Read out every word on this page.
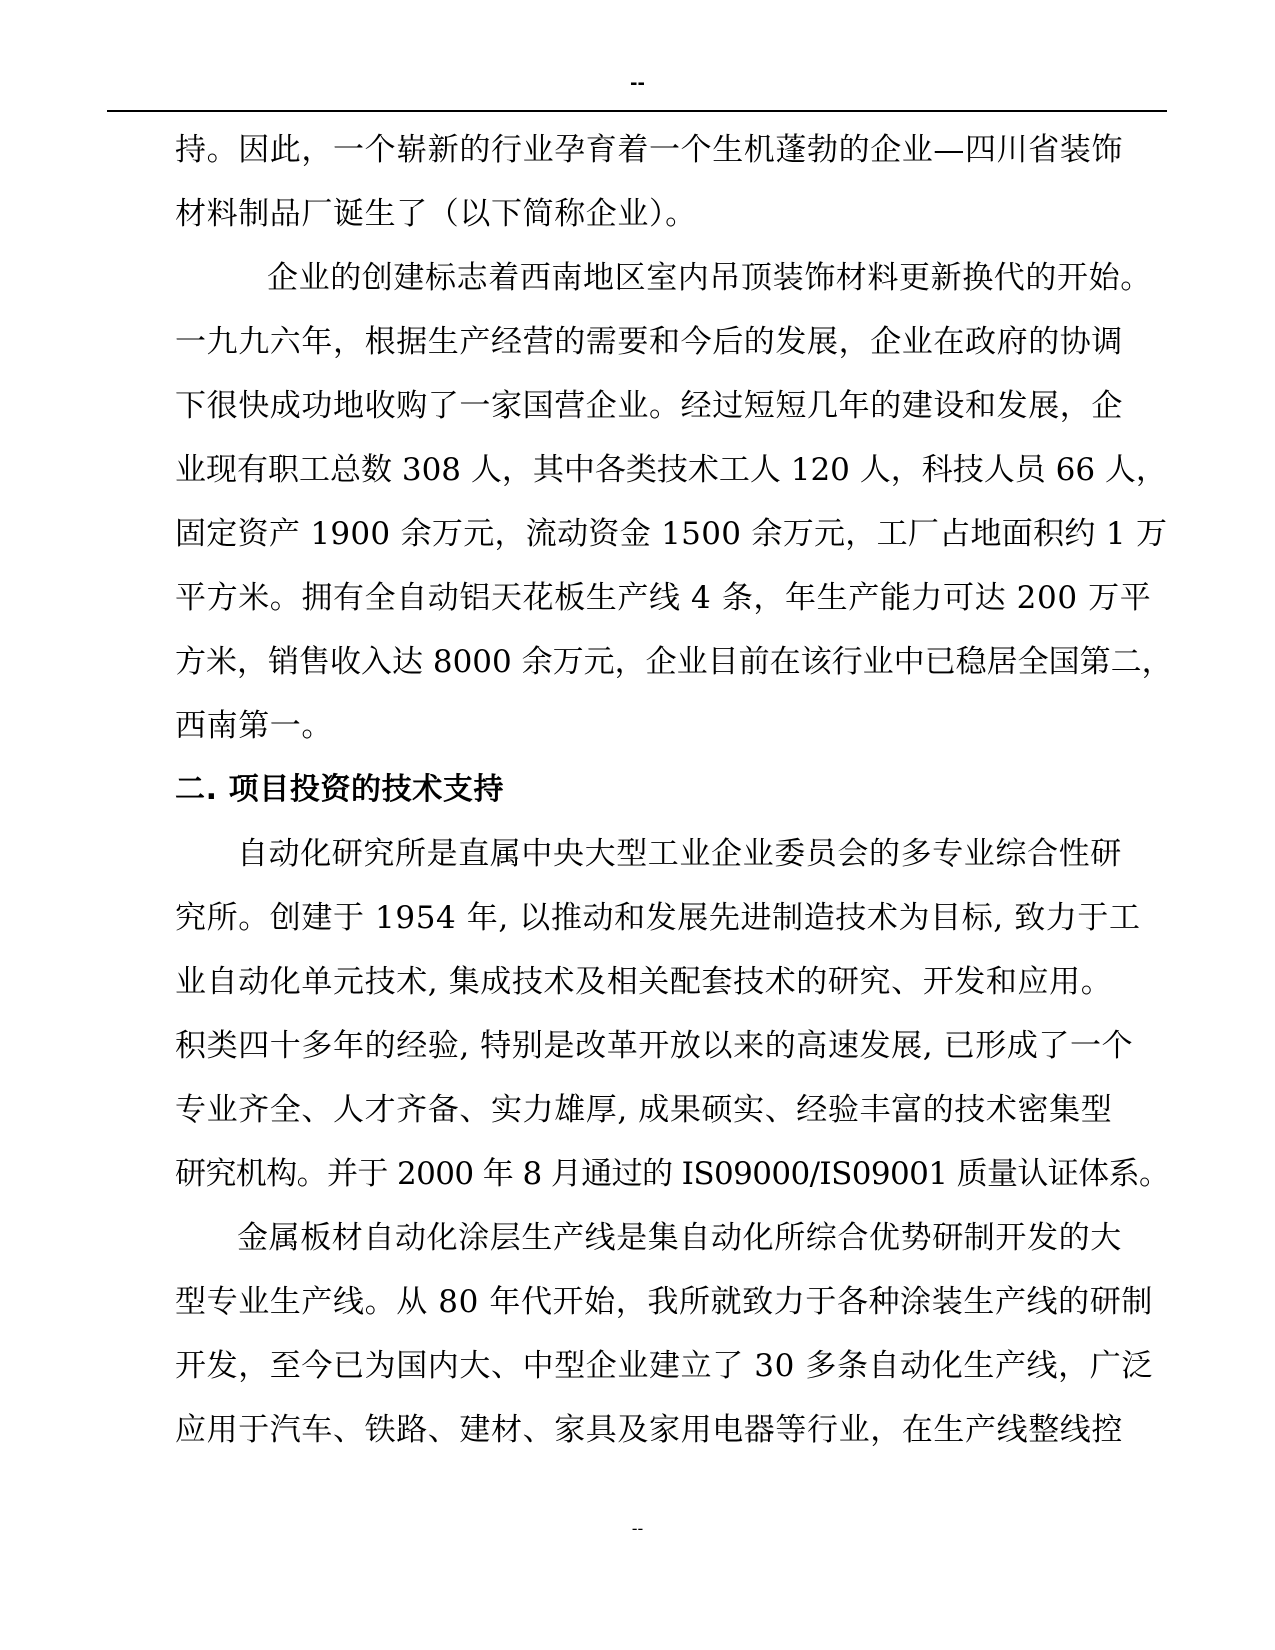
--
持。因此，一个崭新的行业孕育着一个生机蓬勃的企业—四川省装饰
材料制品厂诞生了（以下简称企业）。
企业的创建标志着西南地区室内吊顶装饰材料更新换代的开始。
一九九六年，根据生产经营的需要和今后的发展，企业在政府的协调
下很快成功地收购了一家国营企业。经过短短几年的建设和发展，企
业现有职工总数 308 人，其中各类技术工人 120 人，科技人员 66 人，
固定资产 1900 余万元，流动资金 1500 余万元，工厂占地面积约 1 万
平方米。拥有全自动铝天花板生产线 4 条，年生产能力可达 200 万平
方米，销售收入达 8000 余万元，企业目前在该行业中已稳居全国第二，
西南第一。
二. 项目投资的技术支持
自动化研究所是直属中央大型工业企业委员会的多专业综合性研
究所。创建于 1954 年, 以推动和发展先进制造技术为目标, 致力于工
业自动化单元技术, 集成技术及相关配套技术的研究、开发和应用。
积类四十多年的经验, 特别是改革开放以来的高速发展, 已形成了一个
专业齐全、人才齐备、实力雄厚, 成果硕实、经验丰富的技术密集型
研究机构。并于 2000 年 8 月通过的 IS09000/IS09001 质量认证体系。
金属板材自动化涂层生产线是集自动化所综合优势研制开发的大
型专业生产线。从 80 年代开始，我所就致力于各种涂装生产线的研制
开发，至今已为国内大、中型企业建立了 30 多条自动化生产线，广泛
应用于汽车、铁路、建材、家具及家用电器等行业，在生产线整线控
--
